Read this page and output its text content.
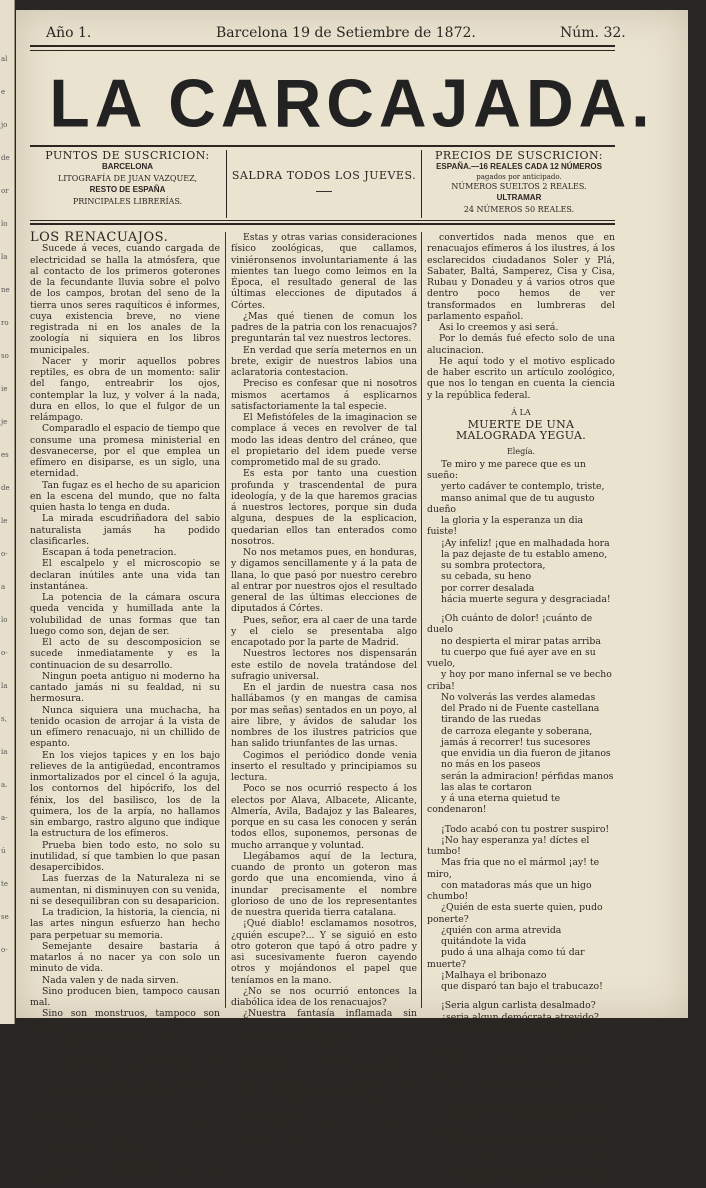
al
e
jo
de
or
lo
la
ne
ro
so
ie
je
es
de
le
o-
a
lo
o-
la
s,
ia
a.
a-
ú
te
se
o-
Año 1.	Barcelona 19 de Setiembre de 1872.	Núm. 32.
LA CARCAJADA.
PUNTOS DE SUSCRICION:
BARCELONA
LITOGRAFÍA DE JUAN VAZQUEZ,
RESTO DE ESPAÑA
PRINCIPALES LIBRERÍAS.
SALDRA TODOS LOS JUEVES.
PRECIOS DE SUSCRICION:
ESPAÑA.—16 REALES CADA 12 NÚMEROS
pagados por anticipado.
NÚMEROS SUELTOS 2 REALES.
ULTRAMAR
24 NÚMEROS 50 REALES.

LOS RENACUAJOS.

Sucede á veces, cuando cargada de electricidad se halla la atmósfera, que al contacto de los primeros goterones de la fecundante lluvia sobre el polvo de los campos, brotan del seno de la tierra unos seres raquíticos é informes, cuya existencia breve, no viene registrada ni en los anales de la zoología ni siquiera en los libros municipales.

Nacer y morir aquellos pobres reptiles, es obra de un momento: salir del fango, entreabrir los ojos, contemplar la luz, y volver á la nada, dura en ellos, lo que el fulgor de un relámpago.

Comparadlo el espacio de tiempo que consume una promesa ministerial en desvanecerse, por el que emplea un efímero en disiparse, es un siglo, una eternidad.

Tan fugaz es el hecho de su aparicion en la escena del mundo, que no falta quien hasta lo tenga en duda.

La mirada escudriñadora del sabio naturalista jamás ha podido clasificarles.

Escapan á toda penetracion.

El escalpelo y el microscopio se declaran inútiles ante una vida tan instantánea.

La potencia de la cámara oscura queda vencida y humillada ante la volubilidad de unas formas que tan luego como son, dejan de ser.

El acto de su descomposicion se sucede inmediatamente y es la continuacion de su desarrollo.

Ningun poeta antiguo ni moderno ha cantado jamás ni su fealdad, ni su hermosura.

Nunca siquiera una muchacha, ha tenido ocasion de arrojar á la vista de un efímero renacuajo, ni un chillido de espanto.

En los viejos tapices y en los bajo relieves de la antigüedad, encontramos inmortalizados por el cincel ó la aguja, los contornos del hipócrifo, los del fénix, los del basilisco, los de la quimera, los de la arpía, no hallamos sin embargo, rastro alguno que indique la estructura de los efímeros.

Prueba bien todo esto, no solo su inutilidad, sí que tambien lo que pasan desapercibidos.

Las fuerzas de la Naturaleza ni se aumentan, ni disminuyen con su venida, ni se desequilibran con su desaparicion.

La tradicion, la historia, la ciencia, ni las artes ningun esfuerzo han hecho para perpetuar su memoria.

Semejante desaire bastaria á matarlos á no nacer ya con solo un minuto de vida.

Nada valen y de nada sirven.

Sino producen bien, tampoco causan mal.

Sino son monstruos, tampoco son palomas.

Son simplemente renacuajos.

Es decir, son, un capricho animado de la Naturaleza; un espúlo vital del globo; una combinacion de agua y polvo que por un segundo toma á préstamo las fuerzas latentes de la vida.

No es posible atinar la razon de su existencia.

En la Naturaleza, en la que todo es útil, son ellos lo ilusorio.

Ni siquiera causan asco.

Producen risa únicamente y aun esta es tan corta y tan efímera como ellos mismos.

Estas y otras varias consideraciones físico zoológicas, que callamos, viniéronsenos involuntariamente á las mientes tan luego como leimos en la Época, el resultado general de las últimas elecciones de diputados á Córtes.

¿Mas qué tienen de comun los padres de la patria con los renacuajos? preguntarán tal vez nuestros lectores.

En verdad que sería meternos en un brete, exigir de nuestros labios una aclaratoria contestacion.

Preciso es confesar que ni nosotros mismos acertamos á esplicarnos satisfactoriamente la tal especie.

El Mefistófeles de la imaginacion se complace á veces en revolver de tal modo las ideas dentro del cráneo, que el propietario del idem puede verse comprometido mal de su grado.

Es esta por tanto una cuestion profunda y trascendental de pura ideología, y de la que haremos gracias á nuestros lectores, porque sin duda alguna, despues de la esplicacion, quedarian ellos tan enterados como nosotros.

No nos metamos pues, en honduras, y digamos sencillamente y á la pata de llana, lo que pasó por nuestro cerebro al entrar por nuestros ojos el resultado general de las últimas elecciones de diputados á Córtes.

Pues, señor, era al caer de una tarde y el cielo se presentaba algo encapotado por la parte de Madrid.

Nuestros lectores nos dispensarán este estilo de novela tratándose del sufragio universal.

En el jardin de nuestra casa nos hallábamos (y en mangas de camisa por mas señas) sentados en un poyo, al aire libre, y ávidos de saludar los nombres de los ilustres patricios que han salido triunfantes de las urnas.

Cogimos el periódico donde venia inserto el resultado y principiamos su lectura.

Poco se nos ocurrió respecto á los electos por Alava, Albacete, Alicante, Almería, Avila, Badajoz y las Baleares, porque en su casa les conocen y serán todos ellos, suponemos, personas de mucho arranque y voluntad.

Llegábamos aquí de la lectura, cuando de pronto un goteron mas gordo que una encomienda, vino á inundar precisamente el nombre glorioso de uno de los representantes de nuestra querida tierra catalana.

¡Qué diablo! esclamamos nosotros, ¿quién escupe?... Y se siguió en esto otro goteron que tapó á otro padre y asi sucesivamente fueron cayendo otros y mojándonos el papel que teníamos en la mano.

¿No se nos ocurrió entonces la diabólica idea de los renacuajos?

¿Nuestra fantasía inflamada sin duda por el mismo Luzifer, no vió en cada nombre un efímero?

¿No se nos antojó que estábamos precisamente asistiendo al curioso espectáculo de la transformacion animal mediante el concubinato del agua con el polvo de la tierra?

¿Quién detiene á la imaginacion en su atrevido vuelo?

No pudimos menos de soltar la carcajada viendo

convertidos nada menos que en renacuajos efímeros á los ilustres, á los esclarecidos ciudadanos Soler y Plá, Sabater, Baltá, Samperez, Cisa y Cisa, Rubau y Donadeu y á varios otros que dentro poco hemos de ver transformados en lumbreras del parlamento español.

Asi lo creemos y asi será.

Por lo demás fué efecto solo de una alucinacion.

He aquí todo y el motivo esplicado de haber escrito un artículo zoológico, que nos lo tengan en cuenta la ciencia y la república federal.

Á LA

MUERTE DE UNA MALOGRADA YEGUA.

Elegía.

Te miro y me parece que es un sueño:

yerto cadáver te contemplo, triste,

manso animal que de tu augusto dueño

la gloria y la esperanza un dia fuiste!

¡Ay infeliz! ¡que en malhadada hora

la paz dejaste de tu establo ameno,

su sombra protectora,

su cebada, su heno

por correr desalada

hácia muerte segura y desgraciada!

¡Oh cuánto de dolor! ¡cuánto de duelo

no despierta el mirar patas arriba

tu cuerpo que fué ayer ave en su vuelo,

y hoy por mano infernal se ve becho criba!

No volverás las verdes alamedas

del Prado ni de Fuente castellana

tirando de las ruedas

de carroza elegante y soberana,

jamás á recorrer! tus sucesores

que envidia un dia fueron de jitanos

no más en los paseos

serán la admiracion! pérfidas manos

las alas te cortaron

y á una eterna quietud te condenaron!

¡Todo acabó con tu postrer suspiro!

¡No hay esperanza ya! díctes el tumbo!

Mas fria que no el mármol ¡ay! te miro,

con matadoras más que un higo chumbo!

¿Quién de esta suerte quien, pudo ponerte?

¿quién con arma atrevida

quitándote la vida

pudo á una alhaja como tú dar muerte?

¡Malhaya el bribonazo

que disparó tan bajo el trabucazo!

¡Seria algun carlista desalmado?

¿seria algun demócrata atrevido?

¿sería un calamar que despechado

por no montarte ya, te hubiera herido?

¡Oh cuán prudente y generosa has sido

¡yegua infeliz! yo admiro tu grandeza!

¡Cuán en vano intentaron tu firmeza

los jueces quebrantar! te has resistido

con valor sin igual; tu lengua muda

no ha podido sacarnos de una duda.

Muerta mas ¡ay! la flor de la dehesa,

¿quién llevará los niños ya á paseo?
